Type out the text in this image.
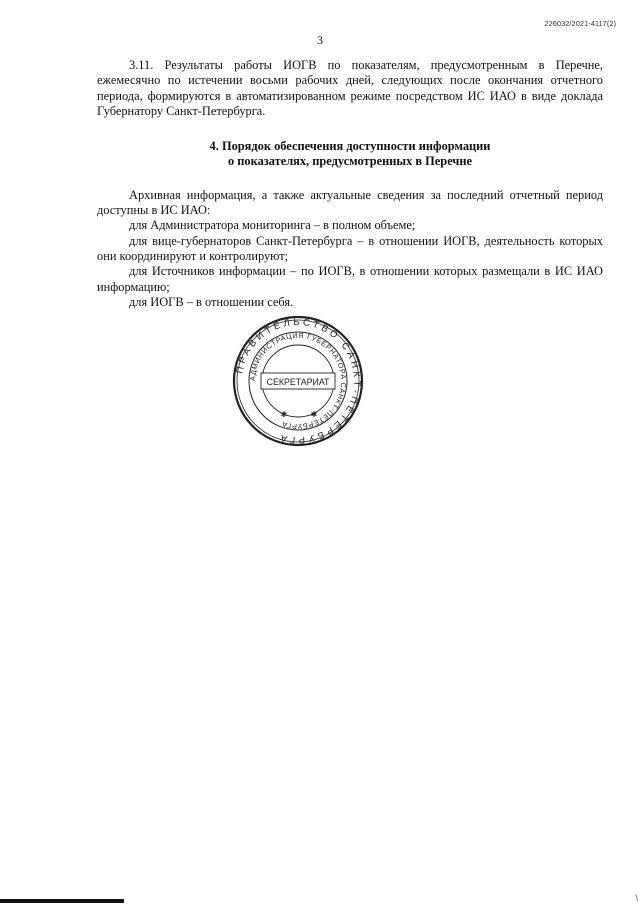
226032/2021-4117(2)
3

3.11. Результаты работы ИОГВ по показателям, предусмотренным в Перечне, ежемесячно по истечении восьми рабочих дней, следующих после окончания отчетного периода, формируются в автоматизированном режиме посредством ИС ИАО в виде доклада Губернатору Санкт-Петербурга.

4. Порядок обеспечения доступности информации
о показателях, предусмотренных в Перечне

Архивная информация, а также актуальные сведения за последний отчетный период доступны в ИС ИАО:

для Администратора мониторинга – в полном объеме;

для вице-губернаторов Санкт-Петербурга – в отношении ИОГВ, деятельность которых они координируют и контролируют;

для Источников информации – по ИОГВ, в отношении которых размещали в ИС ИАО информацию;

для ИОГВ – в отношении себя.

ПРАВИТЕЛЬСТВО САНКТ-ПЕТЕРБУРГА
АДМИНИСТРАЦИЯ ГУБЕРНАТОРА САНКТ-ПЕТЕРБУРГА
СЕКРЕТАРИАТ
✱	✱
\
